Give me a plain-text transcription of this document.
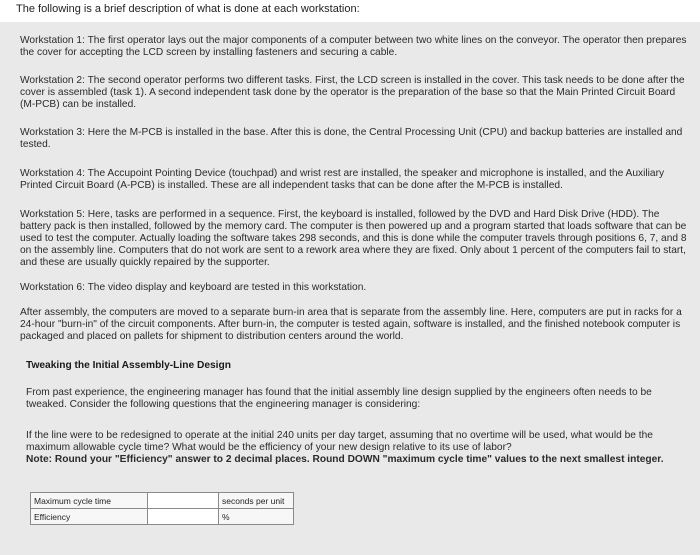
The following is a brief description of what is done at each workstation:
Workstation 1: The first operator lays out the major components of a computer between two white lines on the conveyor. The operator then prepares the cover for accepting the LCD screen by installing fasteners and securing a cable.
Workstation 2: The second operator performs two different tasks. First, the LCD screen is installed in the cover. This task needs to be done after the cover is assembled (task 1). A second independent task done by the operator is the preparation of the base so that the Main Printed Circuit Board (M-PCB) can be installed.
Workstation 3: Here the M-PCB is installed in the base. After this is done, the Central Processing Unit (CPU) and backup batteries are installed and tested.
Workstation 4: The Accupoint Pointing Device (touchpad) and wrist rest are installed, the speaker and microphone is installed, and the Auxiliary Printed Circuit Board (A-PCB) is installed. These are all independent tasks that can be done after the M-PCB is installed.
Workstation 5: Here, tasks are performed in a sequence. First, the keyboard is installed, followed by the DVD and Hard Disk Drive (HDD). The battery pack is then installed, followed by the memory card. The computer is then powered up and a program started that loads software that can be used to test the computer. Actually loading the software takes 298 seconds, and this is done while the computer travels through positions 6, 7, and 8 on the assembly line. Computers that do not work are sent to a rework area where they are fixed. Only about 1 percent of the computers fail to start, and these are usually quickly repaired by the supporter.
Workstation 6: The video display and keyboard are tested in this workstation.
After assembly, the computers are moved to a separate burn-in area that is separate from the assembly line. Here, computers are put in racks for a 24-hour "burn-in" of the circuit components. After burn-in, the computer is tested again, software is installed, and the finished notebook computer is packaged and placed on pallets for shipment to distribution centers around the world.
Tweaking the Initial Assembly-Line Design
From past experience, the engineering manager has found that the initial assembly line design supplied by the engineers often needs to be tweaked. Consider the following questions that the engineering manager is considering:
If the line were to be redesigned to operate at the initial 240 units per day target, assuming that no overtime will be used, what would be the maximum allowable cycle time? What would be the efficiency of your new design relative to its use of labor?
Note: Round your "Efficiency" answer to 2 decimal places. Round DOWN "maximum cycle time" values to the next smallest integer.
Maximum cycle time		seconds per unit
Efficiency		%
